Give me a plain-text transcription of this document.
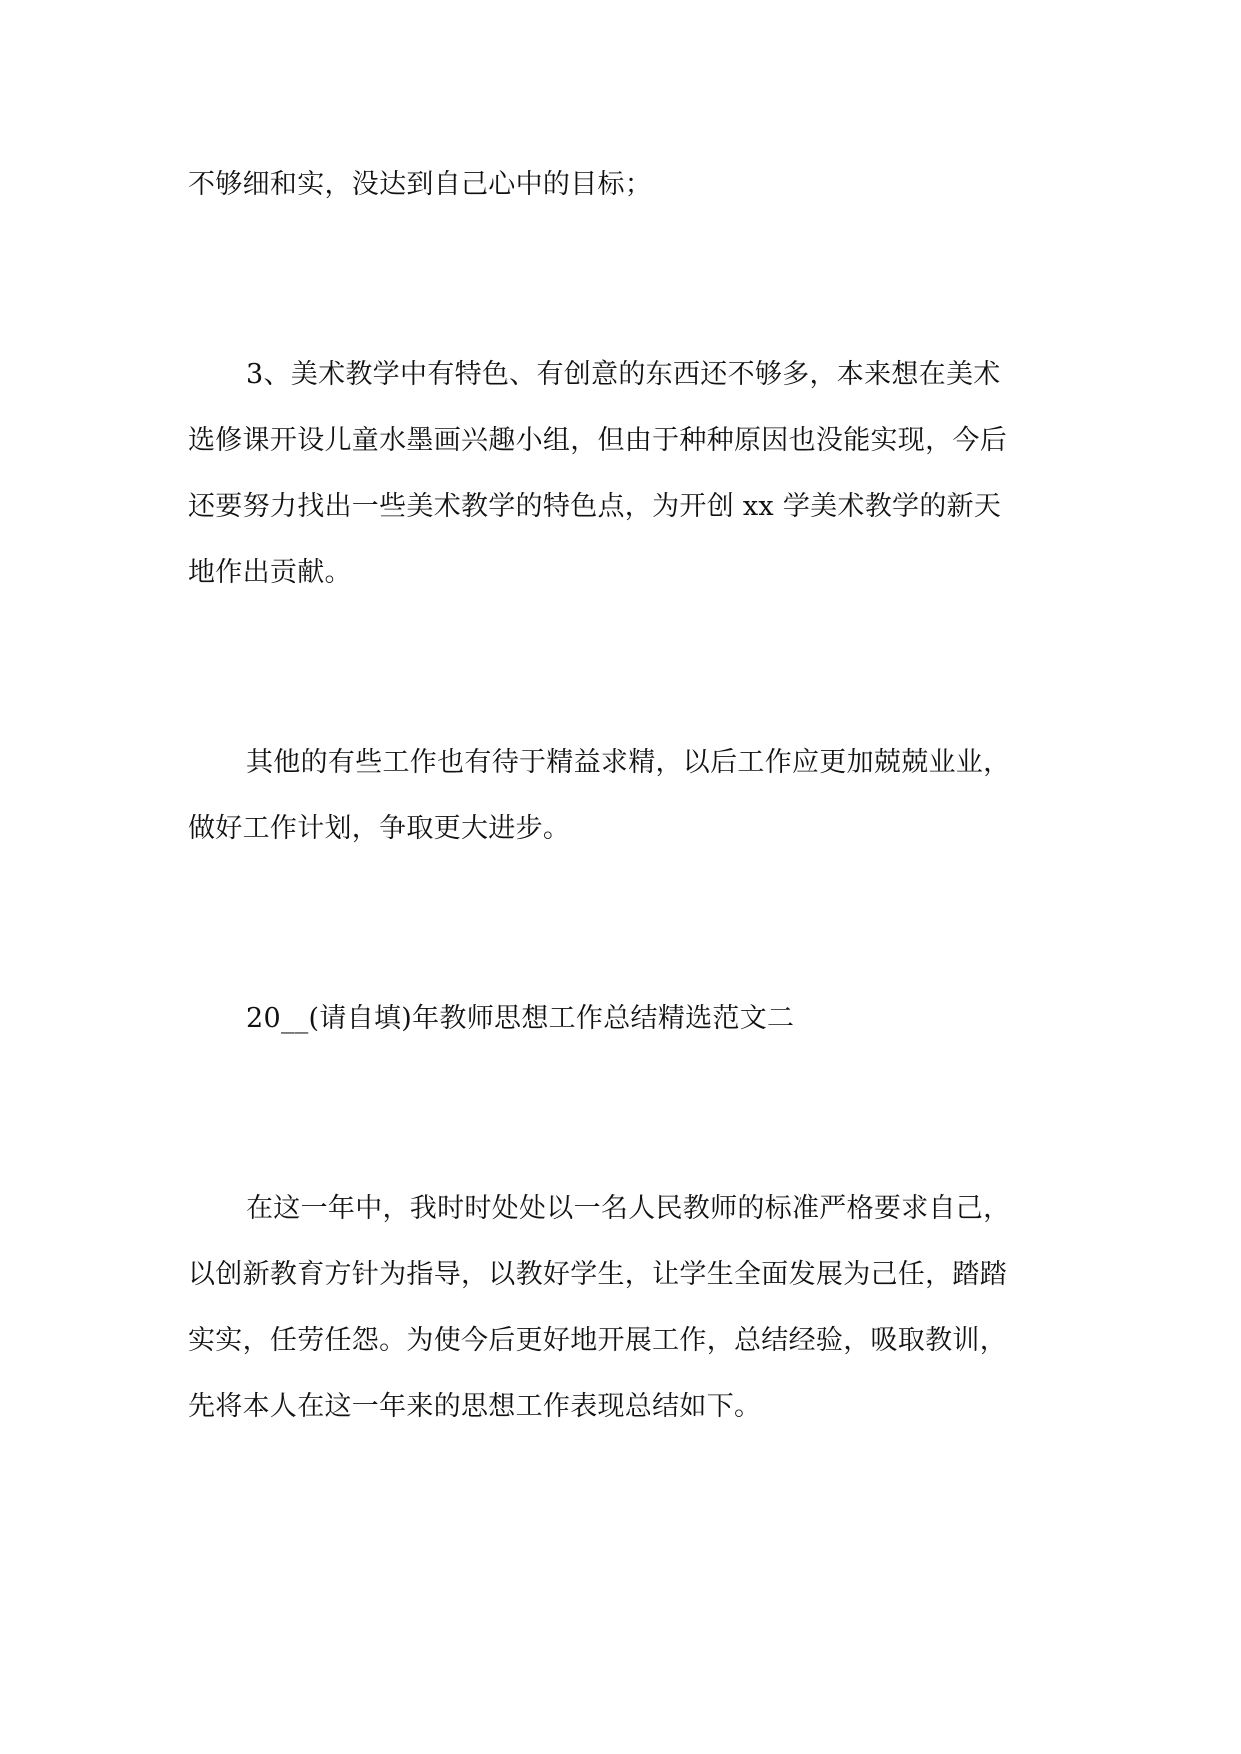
不够细和实，没达到自己心中的目标；
3、美术教学中有特色、有创意的东西还不够多，本来想在美术
选修课开设儿童水墨画兴趣小组，但由于种种原因也没能实现，今后
还要努力找出一些美术教学的特色点，为开创 xx 学美术教学的新天
地作出贡献。
其他的有些工作也有待于精益求精，以后工作应更加兢兢业业，
做好工作计划，争取更大进步。
20__(请自填)年教师思想工作总结精选范文二
在这一年中，我时时处处以一名人民教师的标准严格要求自己，
以创新教育方针为指导，以教好学生，让学生全面发展为己任，踏踏
实实，任劳任怨。为使今后更好地开展工作，总结经验，吸取教训，
先将本人在这一年来的思想工作表现总结如下。
